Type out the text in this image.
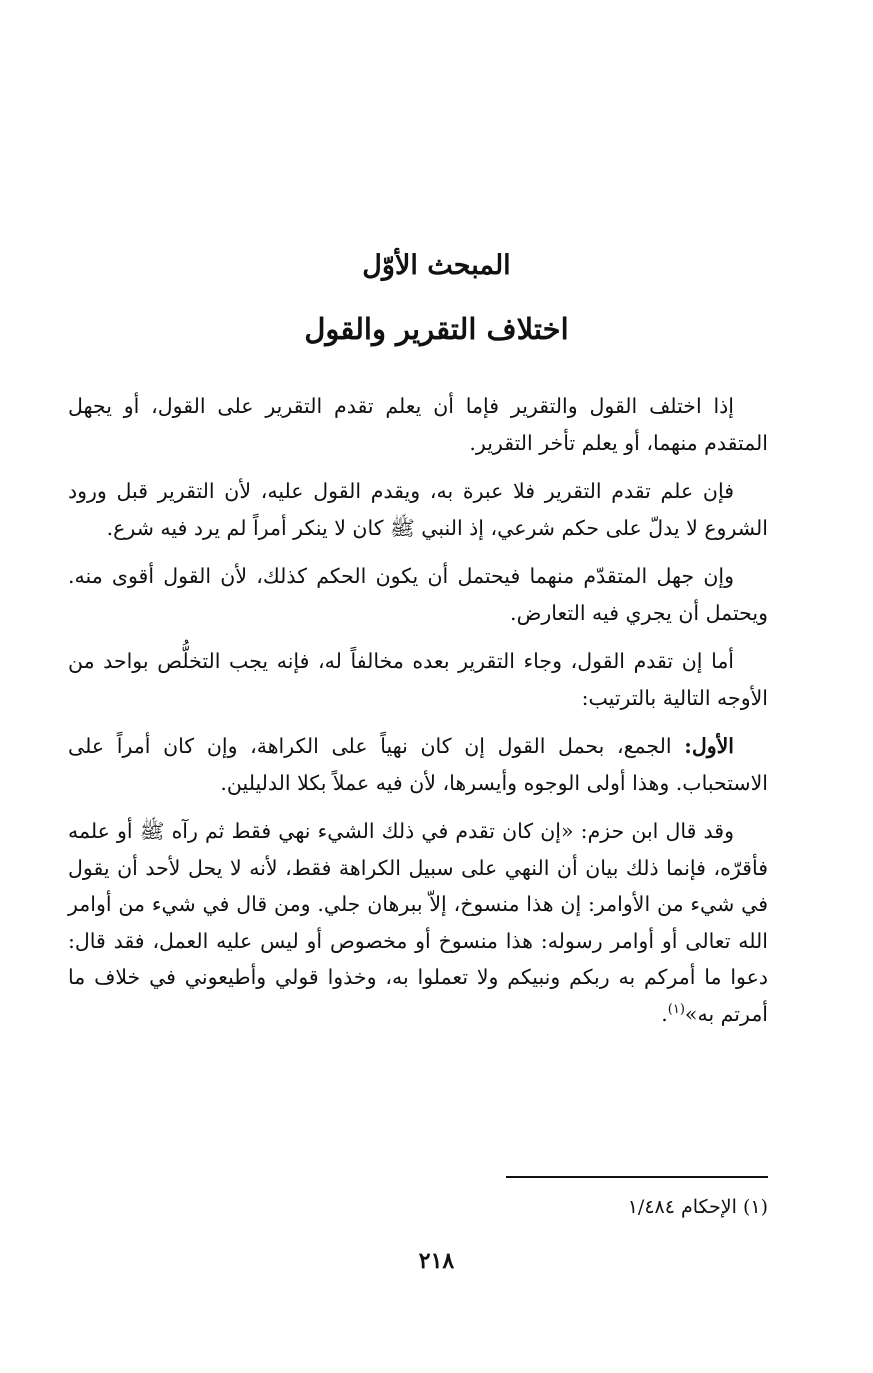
المبحث الأوّل
اختلاف التقرير والقول

إذا اختلف القول والتقرير فإما أن يعلم تقدم التقرير على القول، أو يجهل المتقدم منهما، أو يعلم تأخر التقرير.

فإن علم تقدم التقرير فلا عبرة به، ويقدم القول عليه، لأن التقرير قبل ورود الشروع لا يدلّ على حكم شرعي، إذ النبي ﷺ كان لا ينكر أمراً لم يرد فيه شرع.

وإن جهل المتقدّم منهما فيحتمل أن يكون الحكم كذلك، لأن القول أقوى منه. ويحتمل أن يجري فيه التعارض.

أما إن تقدم القول، وجاء التقرير بعده مخالفاً له، فإنه يجب التخلُّص بواحد من الأوجه التالية بالترتيب:

الأول: الجمع، بحمل القول إن كان نهياً على الكراهة، وإن كان أمراً على الاستحباب. وهذا أولى الوجوه وأيسرها، لأن فيه عملاً بكلا الدليلين.

وقد قال ابن حزم: «إن كان تقدم في ذلك الشيء نهي فقط ثم رآه ﷺ أو علمه فأقرّه، فإنما ذلك بيان أن النهي على سبيل الكراهة فقط، لأنه لا يحل لأحد أن يقول في شيء من الأوامر: إن هذا منسوخ، إلاّ ببرهان جلي. ومن قال في شيء من أوامر الله تعالى أو أوامر رسوله: هذا منسوخ أو مخصوص أو ليس عليه العمل، فقد قال: دعوا ما أمركم به ربكم ونبيكم ولا تعملوا به، وخذوا قولي وأطيعوني في خلاف ما أمرتم به»$^{(١)}$.

(١) الإحكام ١/٤٨٤
٢١٨
